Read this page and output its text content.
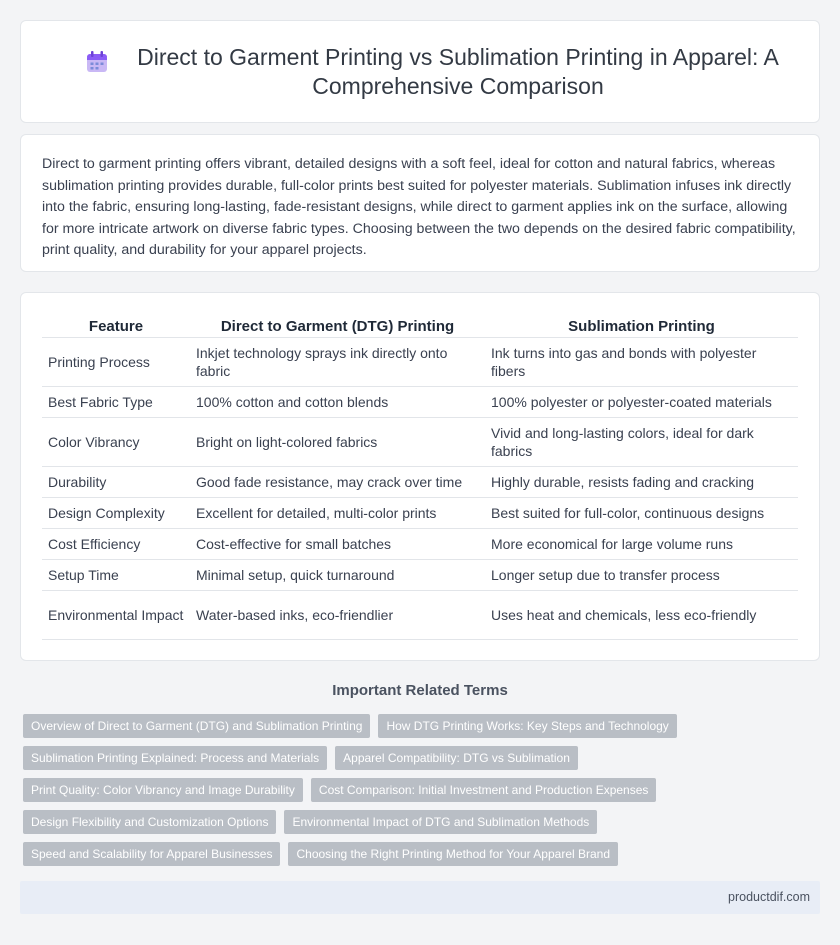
Direct to Garment Printing vs Sublimation Printing in Apparel: A Comprehensive Comparison

Direct to garment printing offers vibrant, detailed designs with a soft feel, ideal for cotton and natural fabrics, whereas sublimation printing provides durable, full-color prints best suited for polyester materials. Sublimation infuses ink directly into the fabric, ensuring long-lasting, fade-resistant designs, while direct to garment applies ink on the surface, allowing for more intricate artwork on diverse fabric types. Choosing between the two depends on the desired fabric compatibility, print quality, and durability for your apparel projects.

Feature	Direct to Garment (DTG) Printing	Sublimation Printing
Printing Process	Inkjet technology sprays ink directly onto fabric	Ink turns into gas and bonds with polyester fibers
Best Fabric Type	100% cotton and cotton blends	100% polyester or polyester-coated materials
Color Vibrancy	Bright on light-colored fabrics	Vivid and long-lasting colors, ideal for dark fabrics
Durability	Good fade resistance, may crack over time	Highly durable, resists fading and cracking
Design Complexity	Excellent for detailed, multi-color prints	Best suited for full-color, continuous designs
Cost Efficiency	Cost-effective for small batches	More economical for large volume runs
Setup Time	Minimal setup, quick turnaround	Longer setup due to transfer process
Environmental Impact	Water-based inks, eco-friendlier	Uses heat and chemicals, less eco-friendly
Important Related Terms
Overview of Direct to Garment (DTG) and Sublimation Printing	How DTG Printing Works: Key Steps and Technology
Sublimation Printing Explained: Process and Materials	Apparel Compatibility: DTG vs Sublimation
Print Quality: Color Vibrancy and Image Durability	Cost Comparison: Initial Investment and Production Expenses
Design Flexibility and Customization Options	Environmental Impact of DTG and Sublimation Methods
Speed and Scalability for Apparel Businesses	Choosing the Right Printing Method for Your Apparel Brand
productdif.com
